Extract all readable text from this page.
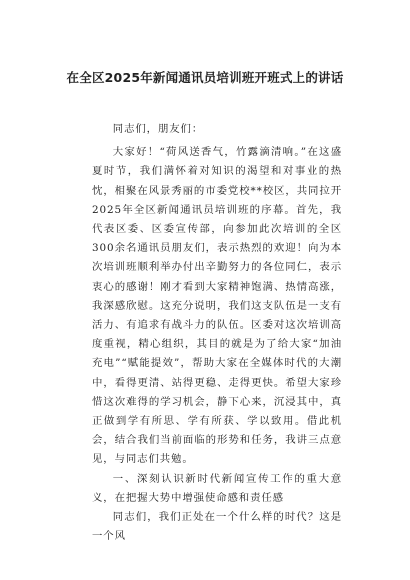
在全区2025年新闻通讯员培训班开班式上的讲话

同志们，朋友们：

大家好！“荷风送香气，竹露滴清响。”在这盛夏时节，我们满怀着对知识的渴望和对事业的热忱，相聚在风景秀丽的市委党校**校区，共同拉开2025年全区新闻通讯员培训班的序幕。首先，我代表区委、区委宣传部，向参加此次培训的全区300余名通讯员朋友们，表示热烈的欢迎！向为本次培训班顺利举办付出辛勤努力的各位同仁，表示衷心的感谢！刚才看到大家精神饱满、热情高涨，我深感欣慰。这充分说明，我们这支队伍是一支有活力、有追求有战斗力的队伍。区委对这次培训高度重视，精心组织，其目的就是为了给大家“加油充电”“赋能提效”，帮助大家在全媒体时代的大潮中，看得更清、站得更稳、走得更快。希望大家珍惜这次难得的学习机会，静下心来，沉浸其中，真正做到学有所思、学有所获、学以致用。借此机会，结合我们当前面临的形势和任务，我讲三点意见，与同志们共勉。

一、深刻认识新时代新闻宣传工作的重大意义，在把握大势中增强使命感和责任感

同志们，我们正处在一个什么样的时代？这是一个风
